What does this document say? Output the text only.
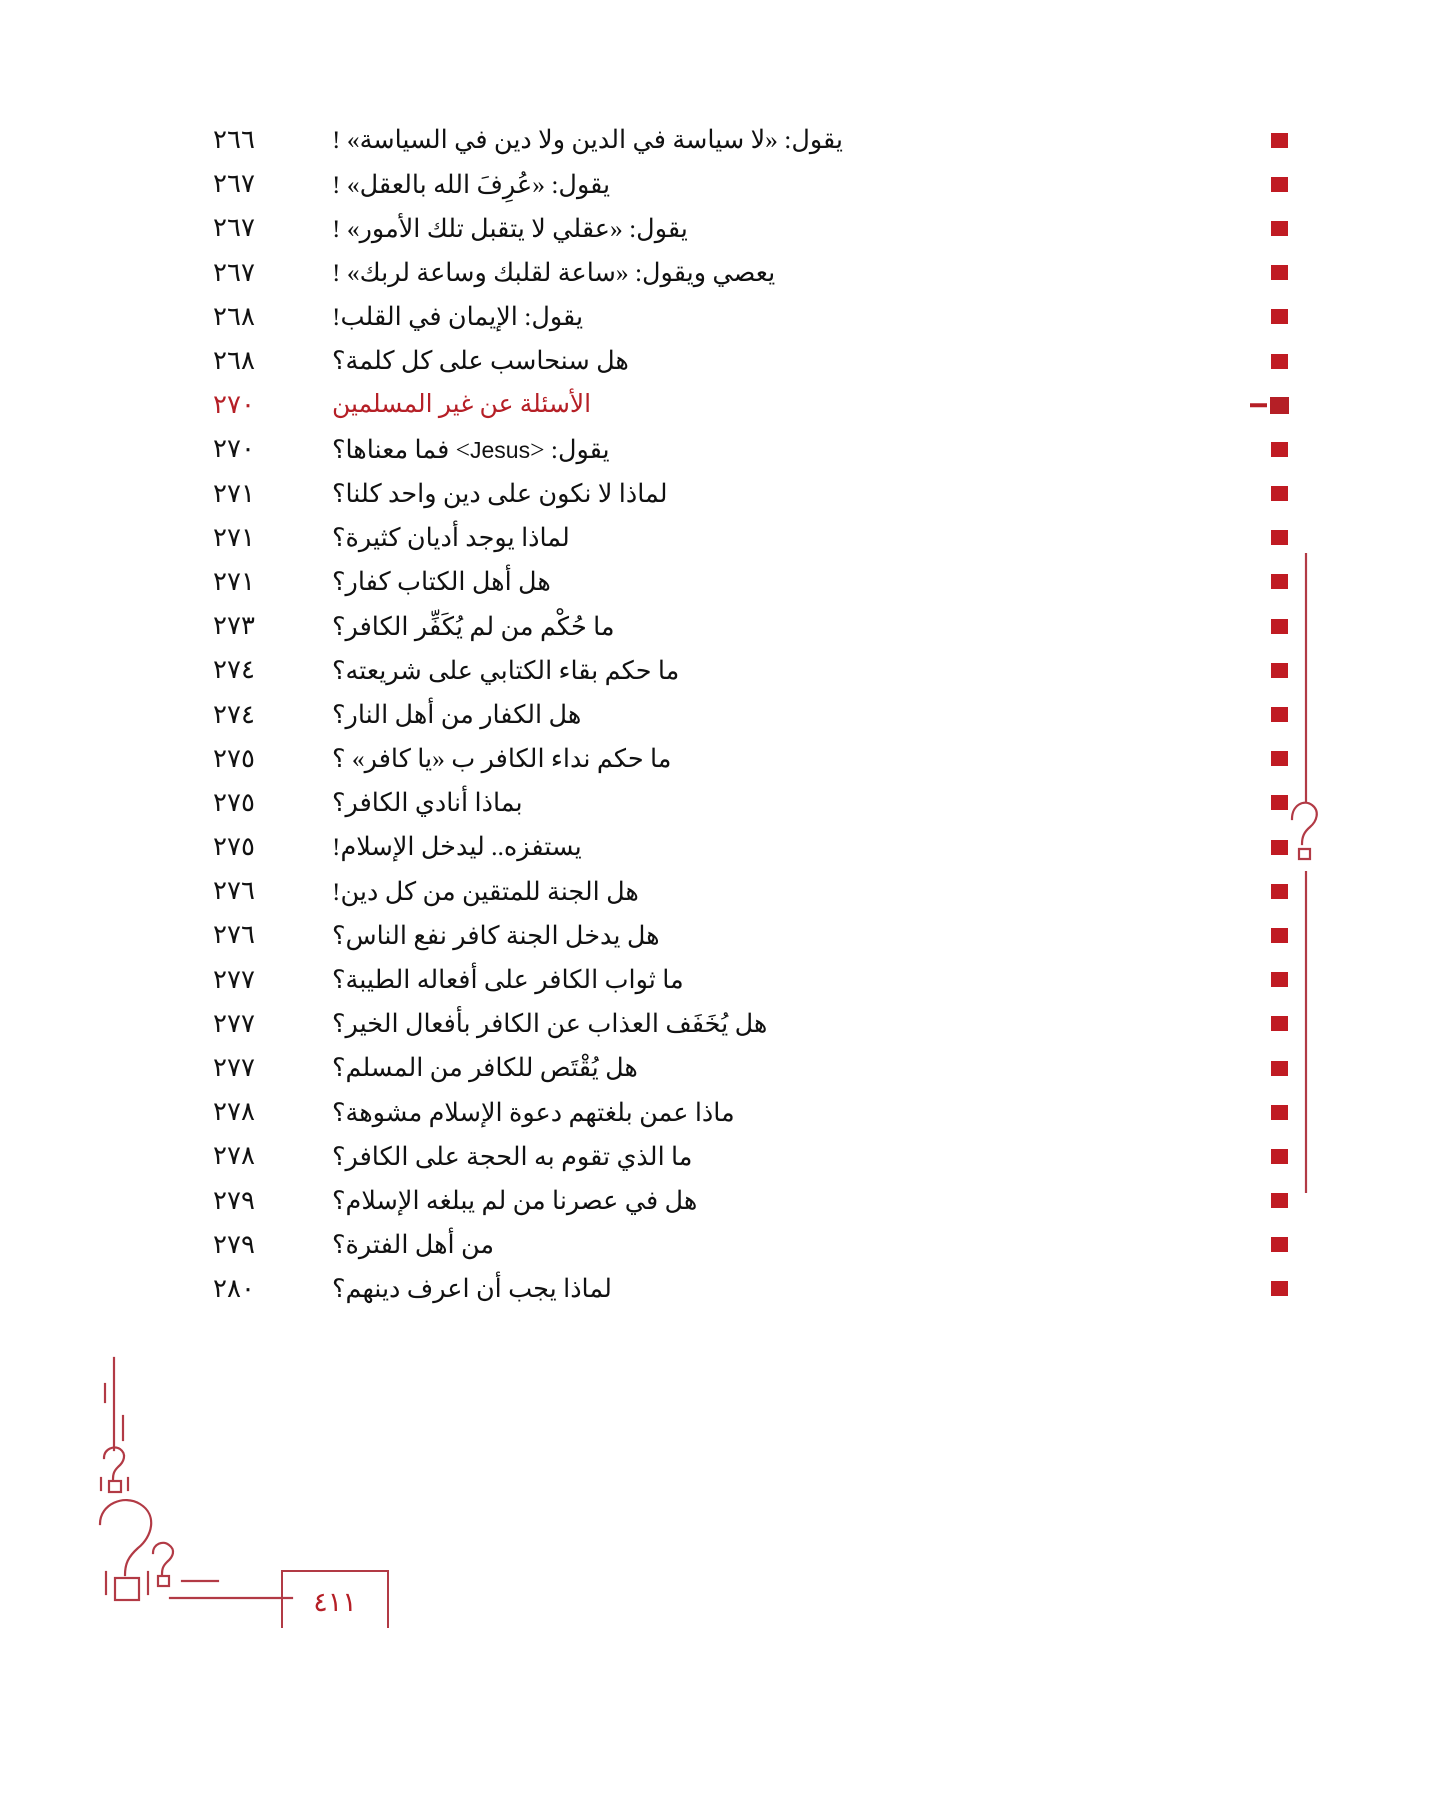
يقول: «لا سياسة في الدين ولا دين في السياسة» !
٢٦٦
يقول: «عُرِفَ الله بالعقل» !
٢٦٧
يقول: «عقلي لا يتقبل تلك الأمور» !
٢٦٧
يعصي ويقول: «ساعة لقلبك وساعة لربك» !
٢٦٧
يقول: الإيمان في القلب!
٢٦٨
هل سنحاسب على كل كلمة؟
٢٦٨
الأسئلة عن غير المسلمين
٢٧٠
يقول: <Jesus> فما معناها؟
٢٧٠
لماذا لا نكون على دين واحد كلنا؟
٢٧١
لماذا يوجد أديان كثيرة؟
٢٧١
هل أهل الكتاب كفار؟
٢٧١
ما حُكْم من لم يُكَفِّر الكافر؟
٢٧٣
ما حكم بقاء الكتابي على شريعته؟
٢٧٤
هل الكفار من أهل النار؟
٢٧٤
ما حكم نداء الكافر ب «يا كافر» ؟
٢٧٥
بماذا أنادي الكافر؟
٢٧٥
يستفزه.. ليدخل الإسلام!
٢٧٥
هل الجنة للمتقين من كل دين!
٢٧٦
هل يدخل الجنة كافر نفع الناس؟
٢٧٦
ما ثواب الكافر على أفعاله الطيبة؟
٢٧٧
هل يُخَفَف العذاب عن الكافر بأفعال الخير؟
٢٧٧
هل يُقْتَص للكافر من المسلم؟
٢٧٧
ماذا عمن بلغتهم دعوة الإسلام مشوهة؟
٢٧٨
ما الذي تقوم به الحجة على الكافر؟
٢٧٨
هل في عصرنا من لم يبلغه الإسلام؟
٢٧٩
من أهل الفترة؟
٢٧٩
لماذا يجب أن اعرف دينهم؟
٢٨٠
٤١١
